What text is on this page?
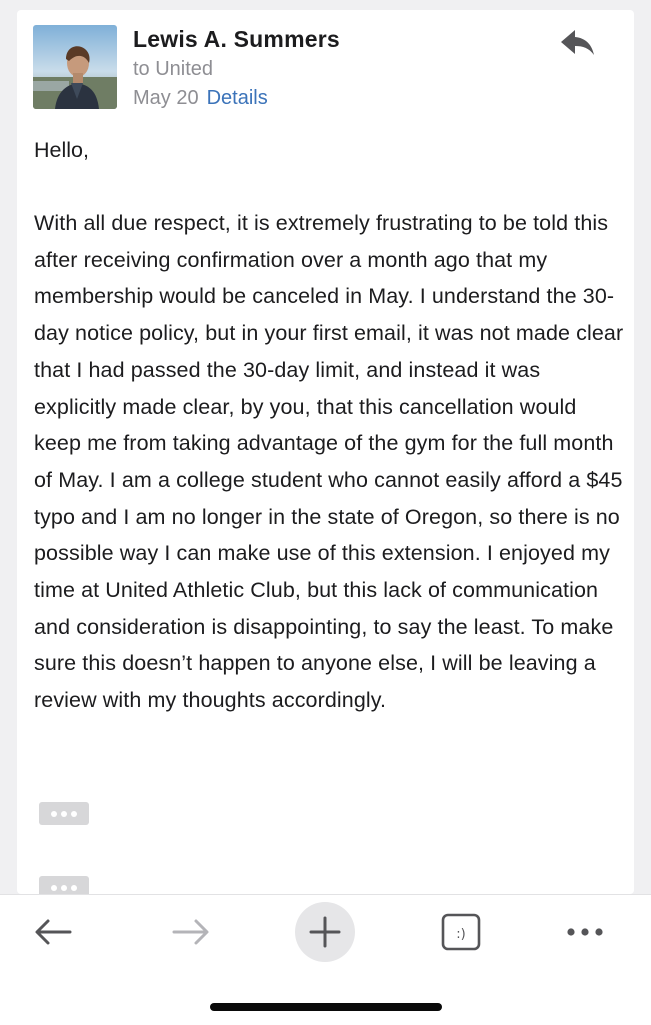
Lewis A. Summers
to United
May 20 Details
Hello,
With all due respect, it is extremely frustrating to be told this after receiving confirmation over a month ago that my membership would be canceled in May. I understand the 30-day notice policy, but in your first email, it was not made clear that I had passed the 30-day limit, and instead it was explicitly made clear, by you, that this cancellation would keep me from taking advantage of the gym for the full month of May. I am a college student who cannot easily afford a $45 typo and I am no longer in the state of Oregon, so there is no possible way I can make use of this extension. I enjoyed my time at United Athletic Club, but this lack of communication and consideration is disappointing, to say the least. To make sure this doesn’t happen to anyone else, I will be leaving a review with my thoughts accordingly.
:)
